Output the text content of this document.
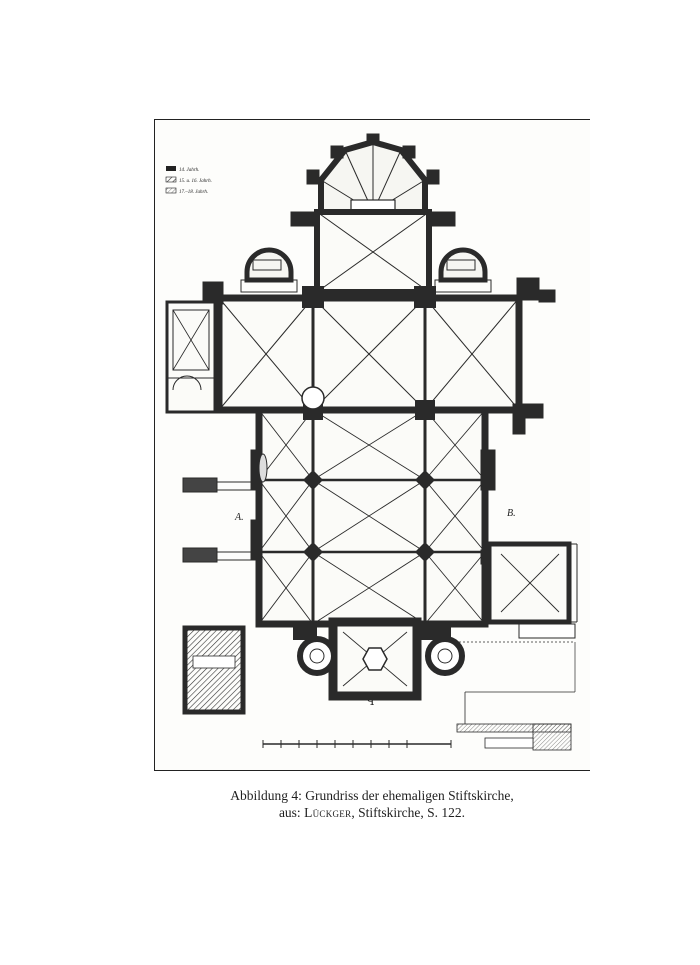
14. Jahrh.
15. u. 16. Jahrh.
17.–18. Jahrh.
ꟼ
A.	B.
Abbildung 4: Grundriss der ehemaligen Stiftskirche,
aus: Lückger, Stiftskirche, S. 122.
